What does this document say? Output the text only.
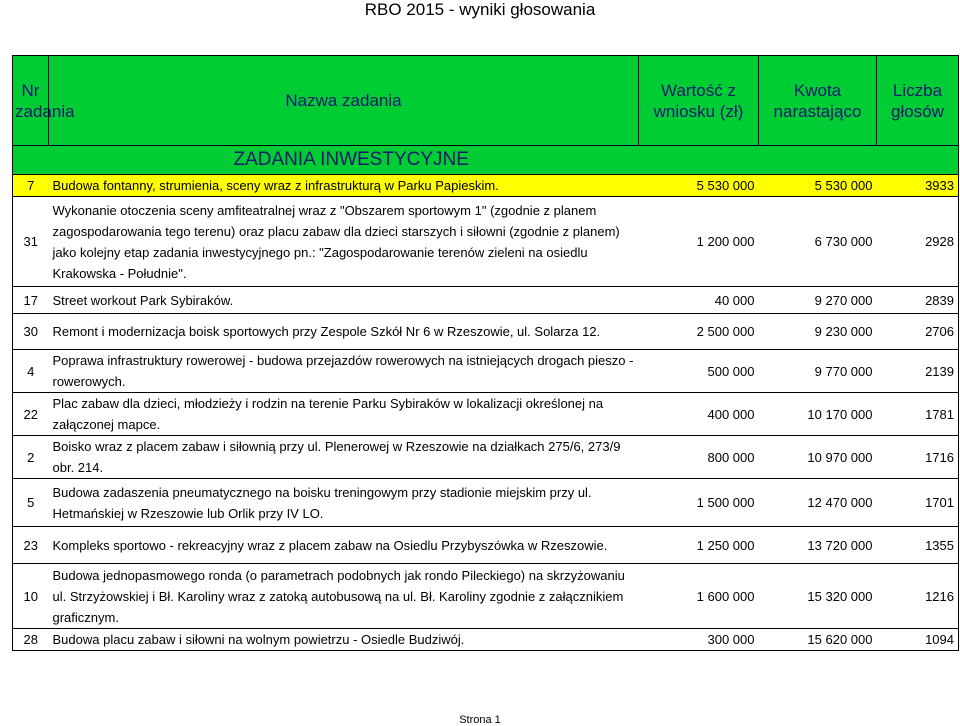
RBO 2015 - wyniki głosowania
Nr zadania	Nazwa zadania	Wartość z wniosku (zł)	Kwota narastająco	Liczba głosów
	ZADANIA INWESTYCYJNE			
7	Budowa fontanny, strumienia, sceny wraz z infrastrukturą w Parku Papieskim.	5 530 000	5 530 000	3933
31	Wykonanie otoczenia sceny amfiteatralnej wraz z "Obszarem sportowym 1" (zgodnie z planem zagospodarowania tego terenu) oraz placu zabaw dla dzieci starszych i siłowni (zgodnie z planem) jako kolejny etap zadania inwestycyjnego pn.: "Zagospodarowanie terenów zieleni na osiedlu Krakowska - Południe".	1 200 000	6 730 000	2928
17	Street workout Park Sybiraków.	40 000	9 270 000	2839
30	Remont i modernizacja boisk sportowych przy Zespole Szkół Nr 6 w Rzeszowie, ul. Solarza 12.	2 500 000	9 230 000	2706
4	Poprawa infrastruktury rowerowej - budowa przejazdów rowerowych na istniejących drogach pieszo - rowerowych.	500 000	9 770 000	2139
22	Plac zabaw dla dzieci, młodzieży i rodzin na terenie Parku Sybiraków w lokalizacji określonej na załączonej mapce.	400 000	10 170 000	1781
2	Boisko wraz z placem zabaw i siłownią przy ul. Plenerowej w Rzeszowie na działkach 275/6, 273/9 obr. 214.	800 000	10 970 000	1716
5	Budowa zadaszenia pneumatycznego na boisku treningowym przy stadionie miejskim przy ul. Hetmańskiej w Rzeszowie lub Orlik przy IV LO.	1 500 000	12 470 000	1701
23	Kompleks sportowo - rekreacyjny wraz z placem zabaw na Osiedlu Przybyszówka w Rzeszowie.	1 250 000	13 720 000	1355
10	Budowa jednopasmowego ronda (o parametrach podobnych jak rondo Pileckiego) na skrzyżowaniu ul. Strzyżowskiej i Bł. Karoliny wraz z zatoką autobusową na ul. Bł. Karoliny zgodnie z załącznikiem graficznym.	1 600 000	15 320 000	1216
28	Budowa placu zabaw i siłowni na wolnym powietrzu - Osiedle Budziwój.	300 000	15 620 000	1094
Strona 1
